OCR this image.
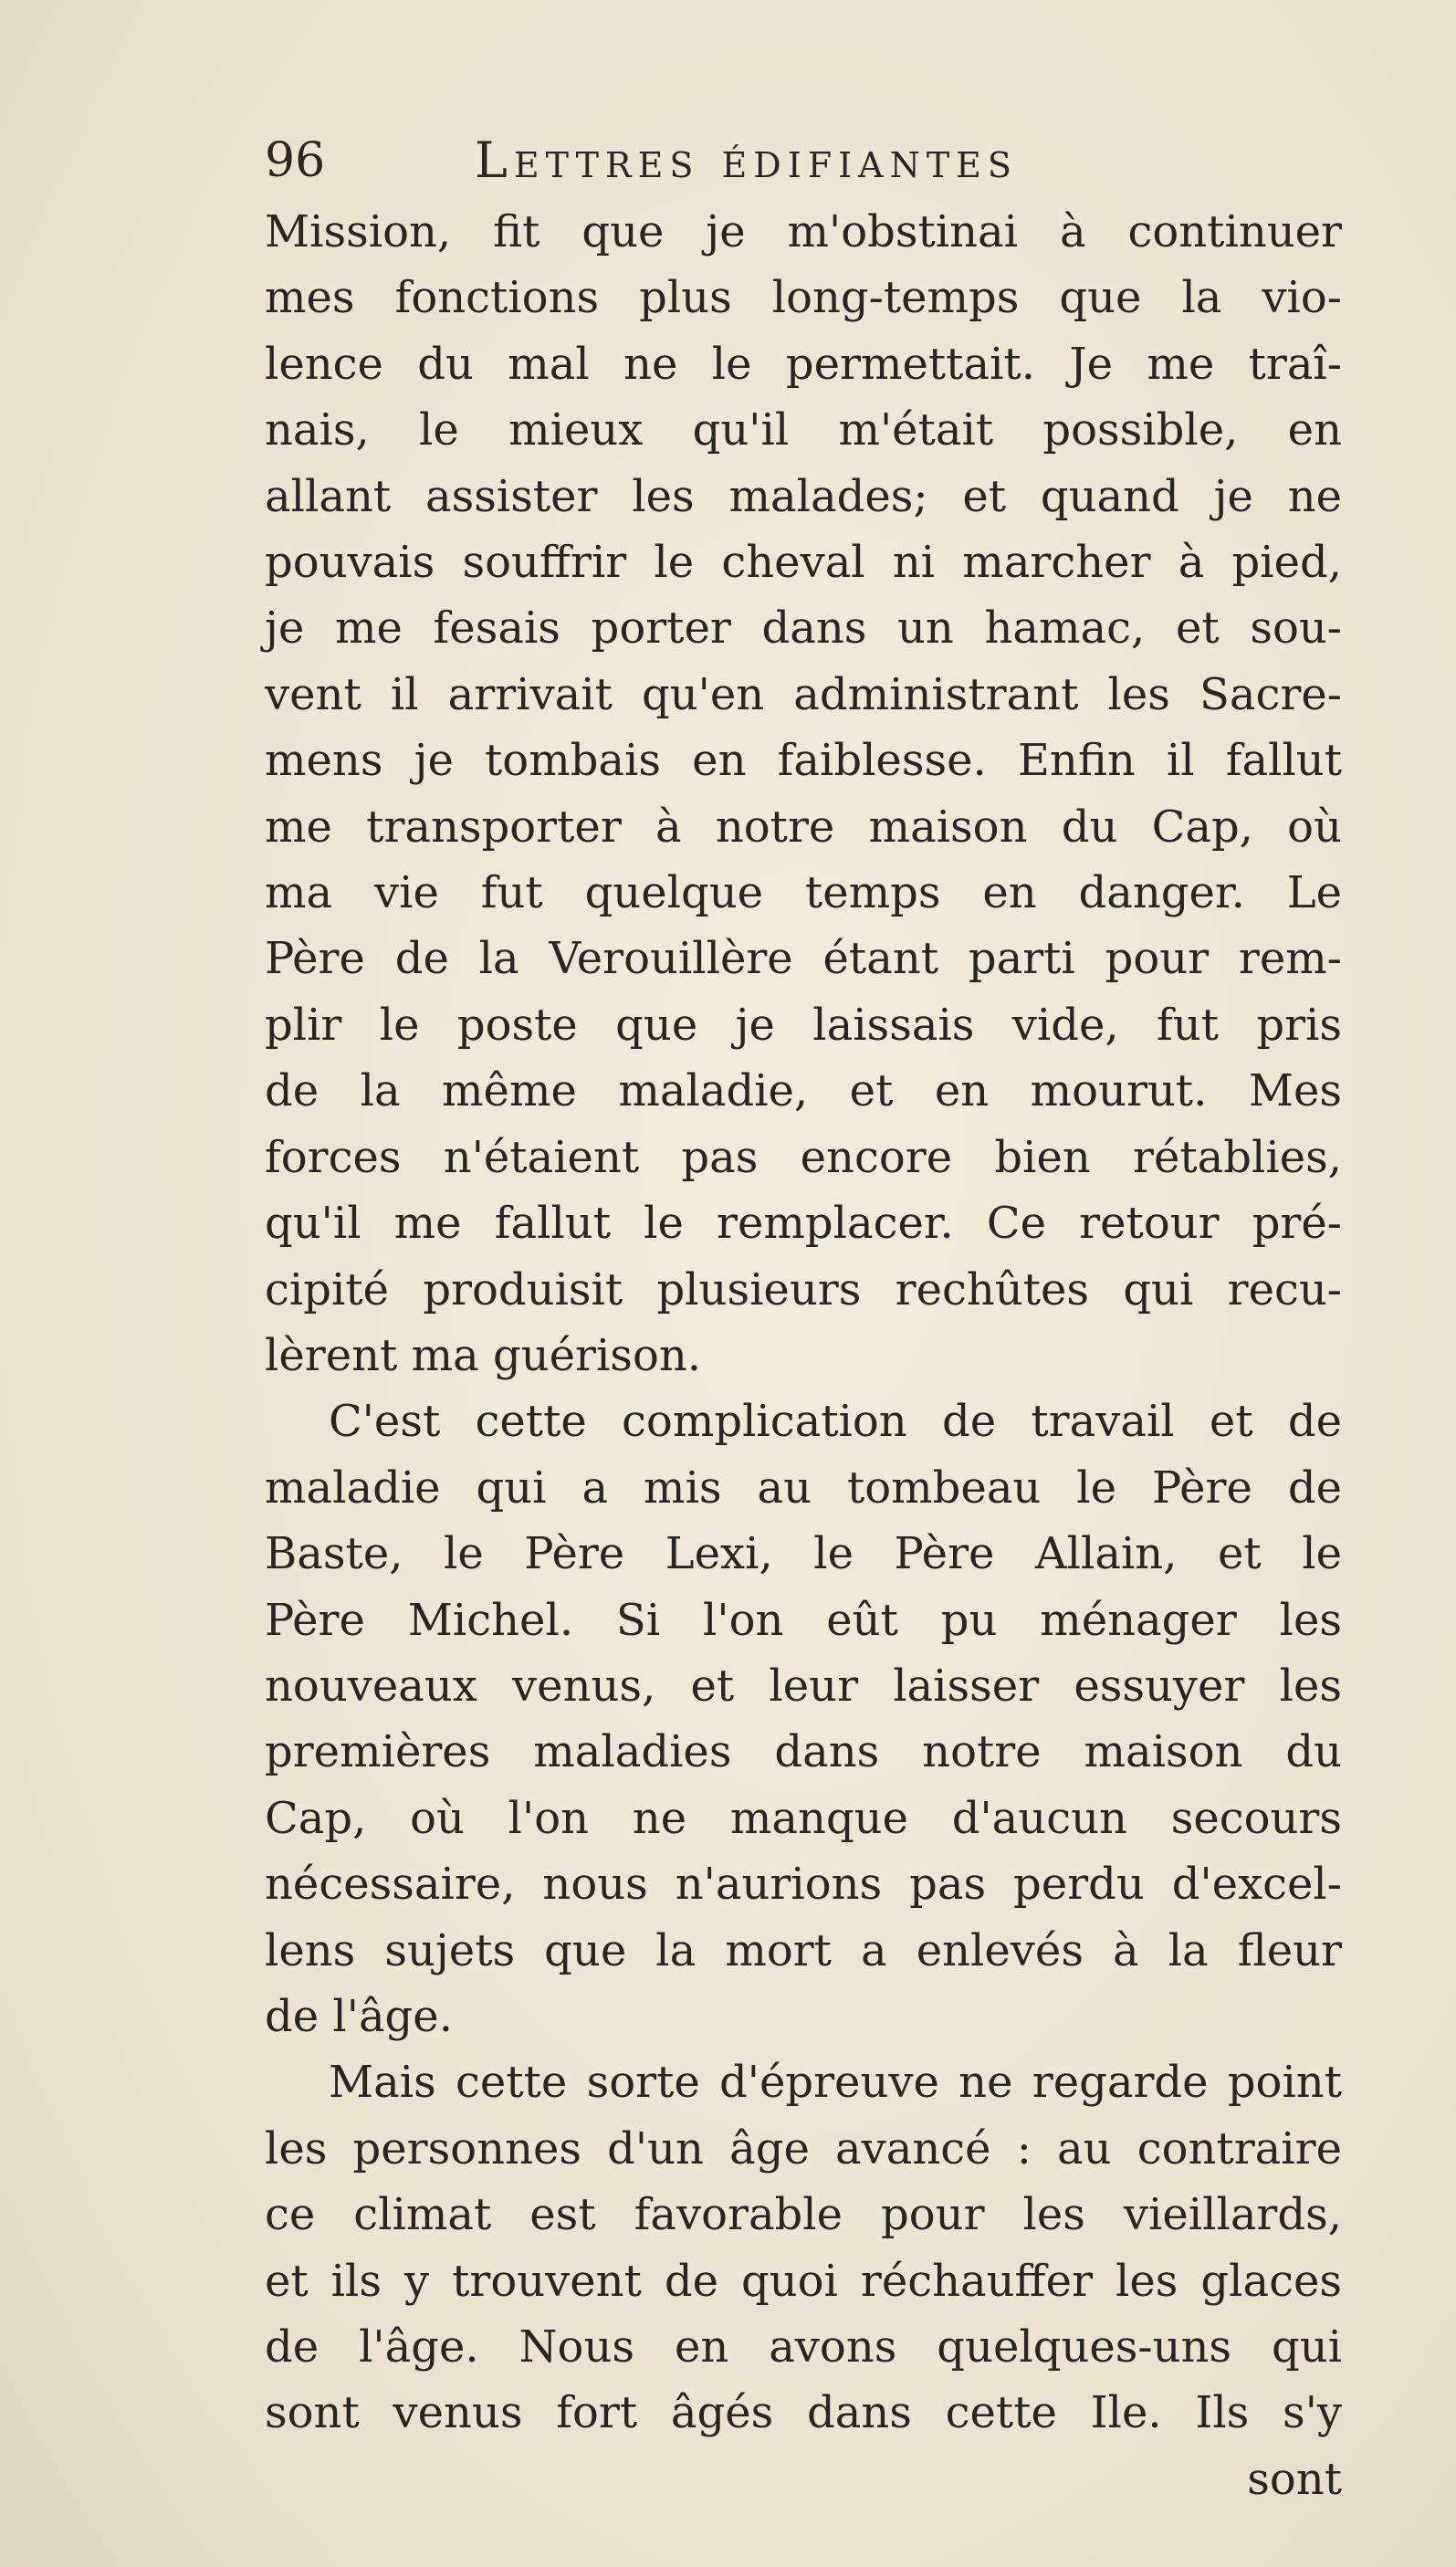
96	Lettres édifiantes
Mission, fit que je m'obstinai à continuer
mes fonctions plus long-temps que la vio-
lence du mal ne le permettait. Je me traî-
nais, le mieux qu'il m'était possible, en
allant assister les malades; et quand je ne
pouvais souffrir le cheval ni marcher à pied,
je me fesais porter dans un hamac, et sou-
vent il arrivait qu'en administrant les Sacre-
mens je tombais en faiblesse. Enfin il fallut
me transporter à notre maison du Cap, où
ma vie fut quelque temps en danger. Le
Père de la Verouillère étant parti pour rem-
plir le poste que je laissais vide, fut pris
de la même maladie, et en mourut. Mes
forces n'étaient pas encore bien rétablies,
qu'il me fallut le remplacer. Ce retour pré-
cipité produisit plusieurs rechûtes qui recu-
lèrent ma guérison.
C'est cette complication de travail et de
maladie qui a mis au tombeau le Père de
Baste, le Père Lexi, le Père Allain, et le
Père Michel. Si l'on eût pu ménager les
nouveaux venus, et leur laisser essuyer les
premières maladies dans notre maison du
Cap, où l'on ne manque d'aucun secours
nécessaire, nous n'aurions pas perdu d'excel-
lens sujets que la mort a enlevés à la fleur
de l'âge.
Mais cette sorte d'épreuve ne regarde point
les personnes d'un âge avancé : au contraire
ce climat est favorable pour les vieillards,
et ils y trouvent de quoi réchauffer les glaces
de l'âge. Nous en avons quelques-uns qui
sont venus fort âgés dans cette Ile. Ils s'y
sont
